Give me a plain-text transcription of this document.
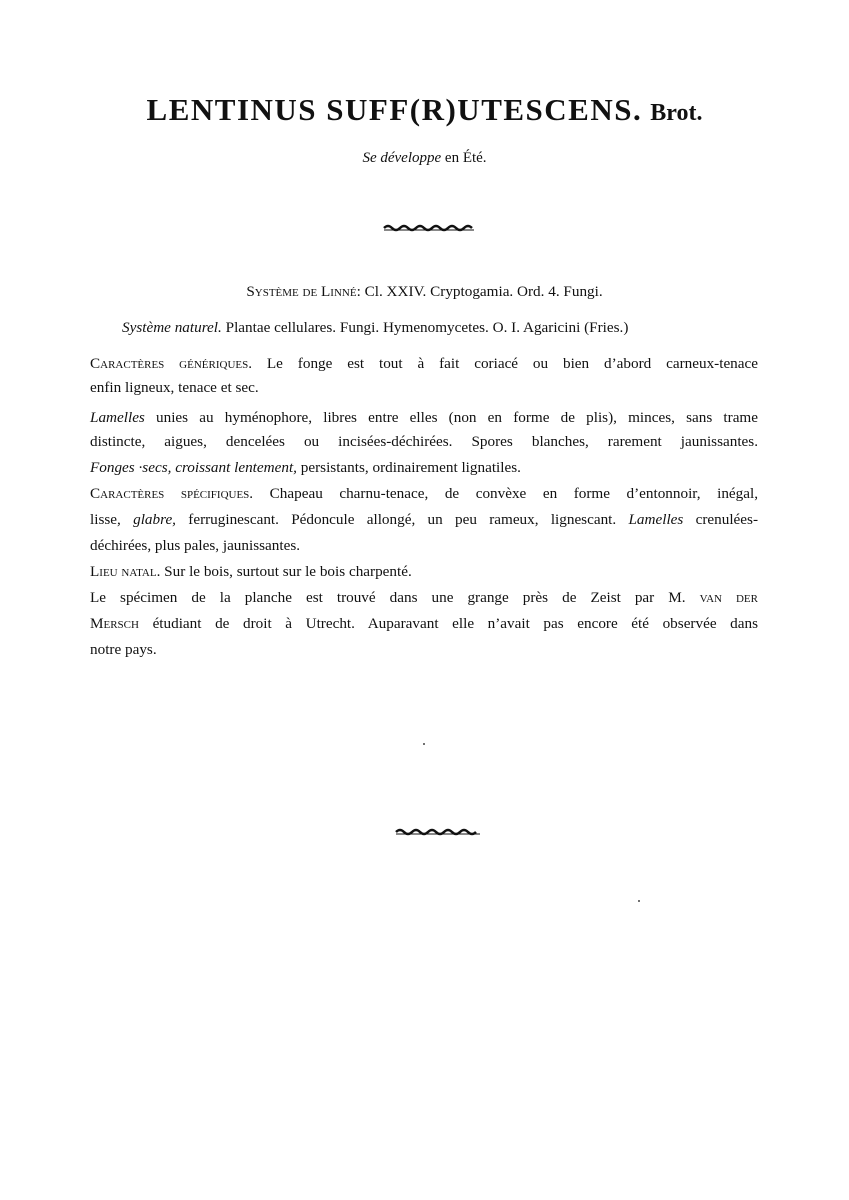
LENTINUS SUFF(R)UTESCENS. Brot.
Se développe en Été.
Système de Linné: Cl. XXIV. Cryptogamia. Ord. 4. Fungi.
Système naturel. Plantae cellulares. Fungi. Hymenomycetes. O. I. Agaricini (Fries.)
Caractères génériques. Le fonge est tout à fait coriacé ou bien d’abord carneux-tenace
enfin ligneux, tenace et sec.
Lamelles unies au hyménophore, libres entre elles (non en forme de plis), minces, sans trame
distincte, aigues, dencelées ou incisées-déchirées. Spores blanches, rarement jaunissantes.
Fonges ·secs, croissant lentement, persistants, ordinairement lignatiles.
Caractères spécifiques. Chapeau charnu-tenace, de convèxe en forme d’entonnoir, inégal,
lisse, glabre, ferruginescant. Pédoncule allongé, un peu rameux, lignescant. Lamelles crenulées-
déchirées, plus pales, jaunissantes.
Lieu natal. Sur le bois, surtout sur le bois charpenté.
Le spécimen de la planche est trouvé dans une grange près de Zeist par M. van der
Mersch étudiant de droit à Utrecht. Auparavant elle n’avait pas encore été observée dans
notre pays.
